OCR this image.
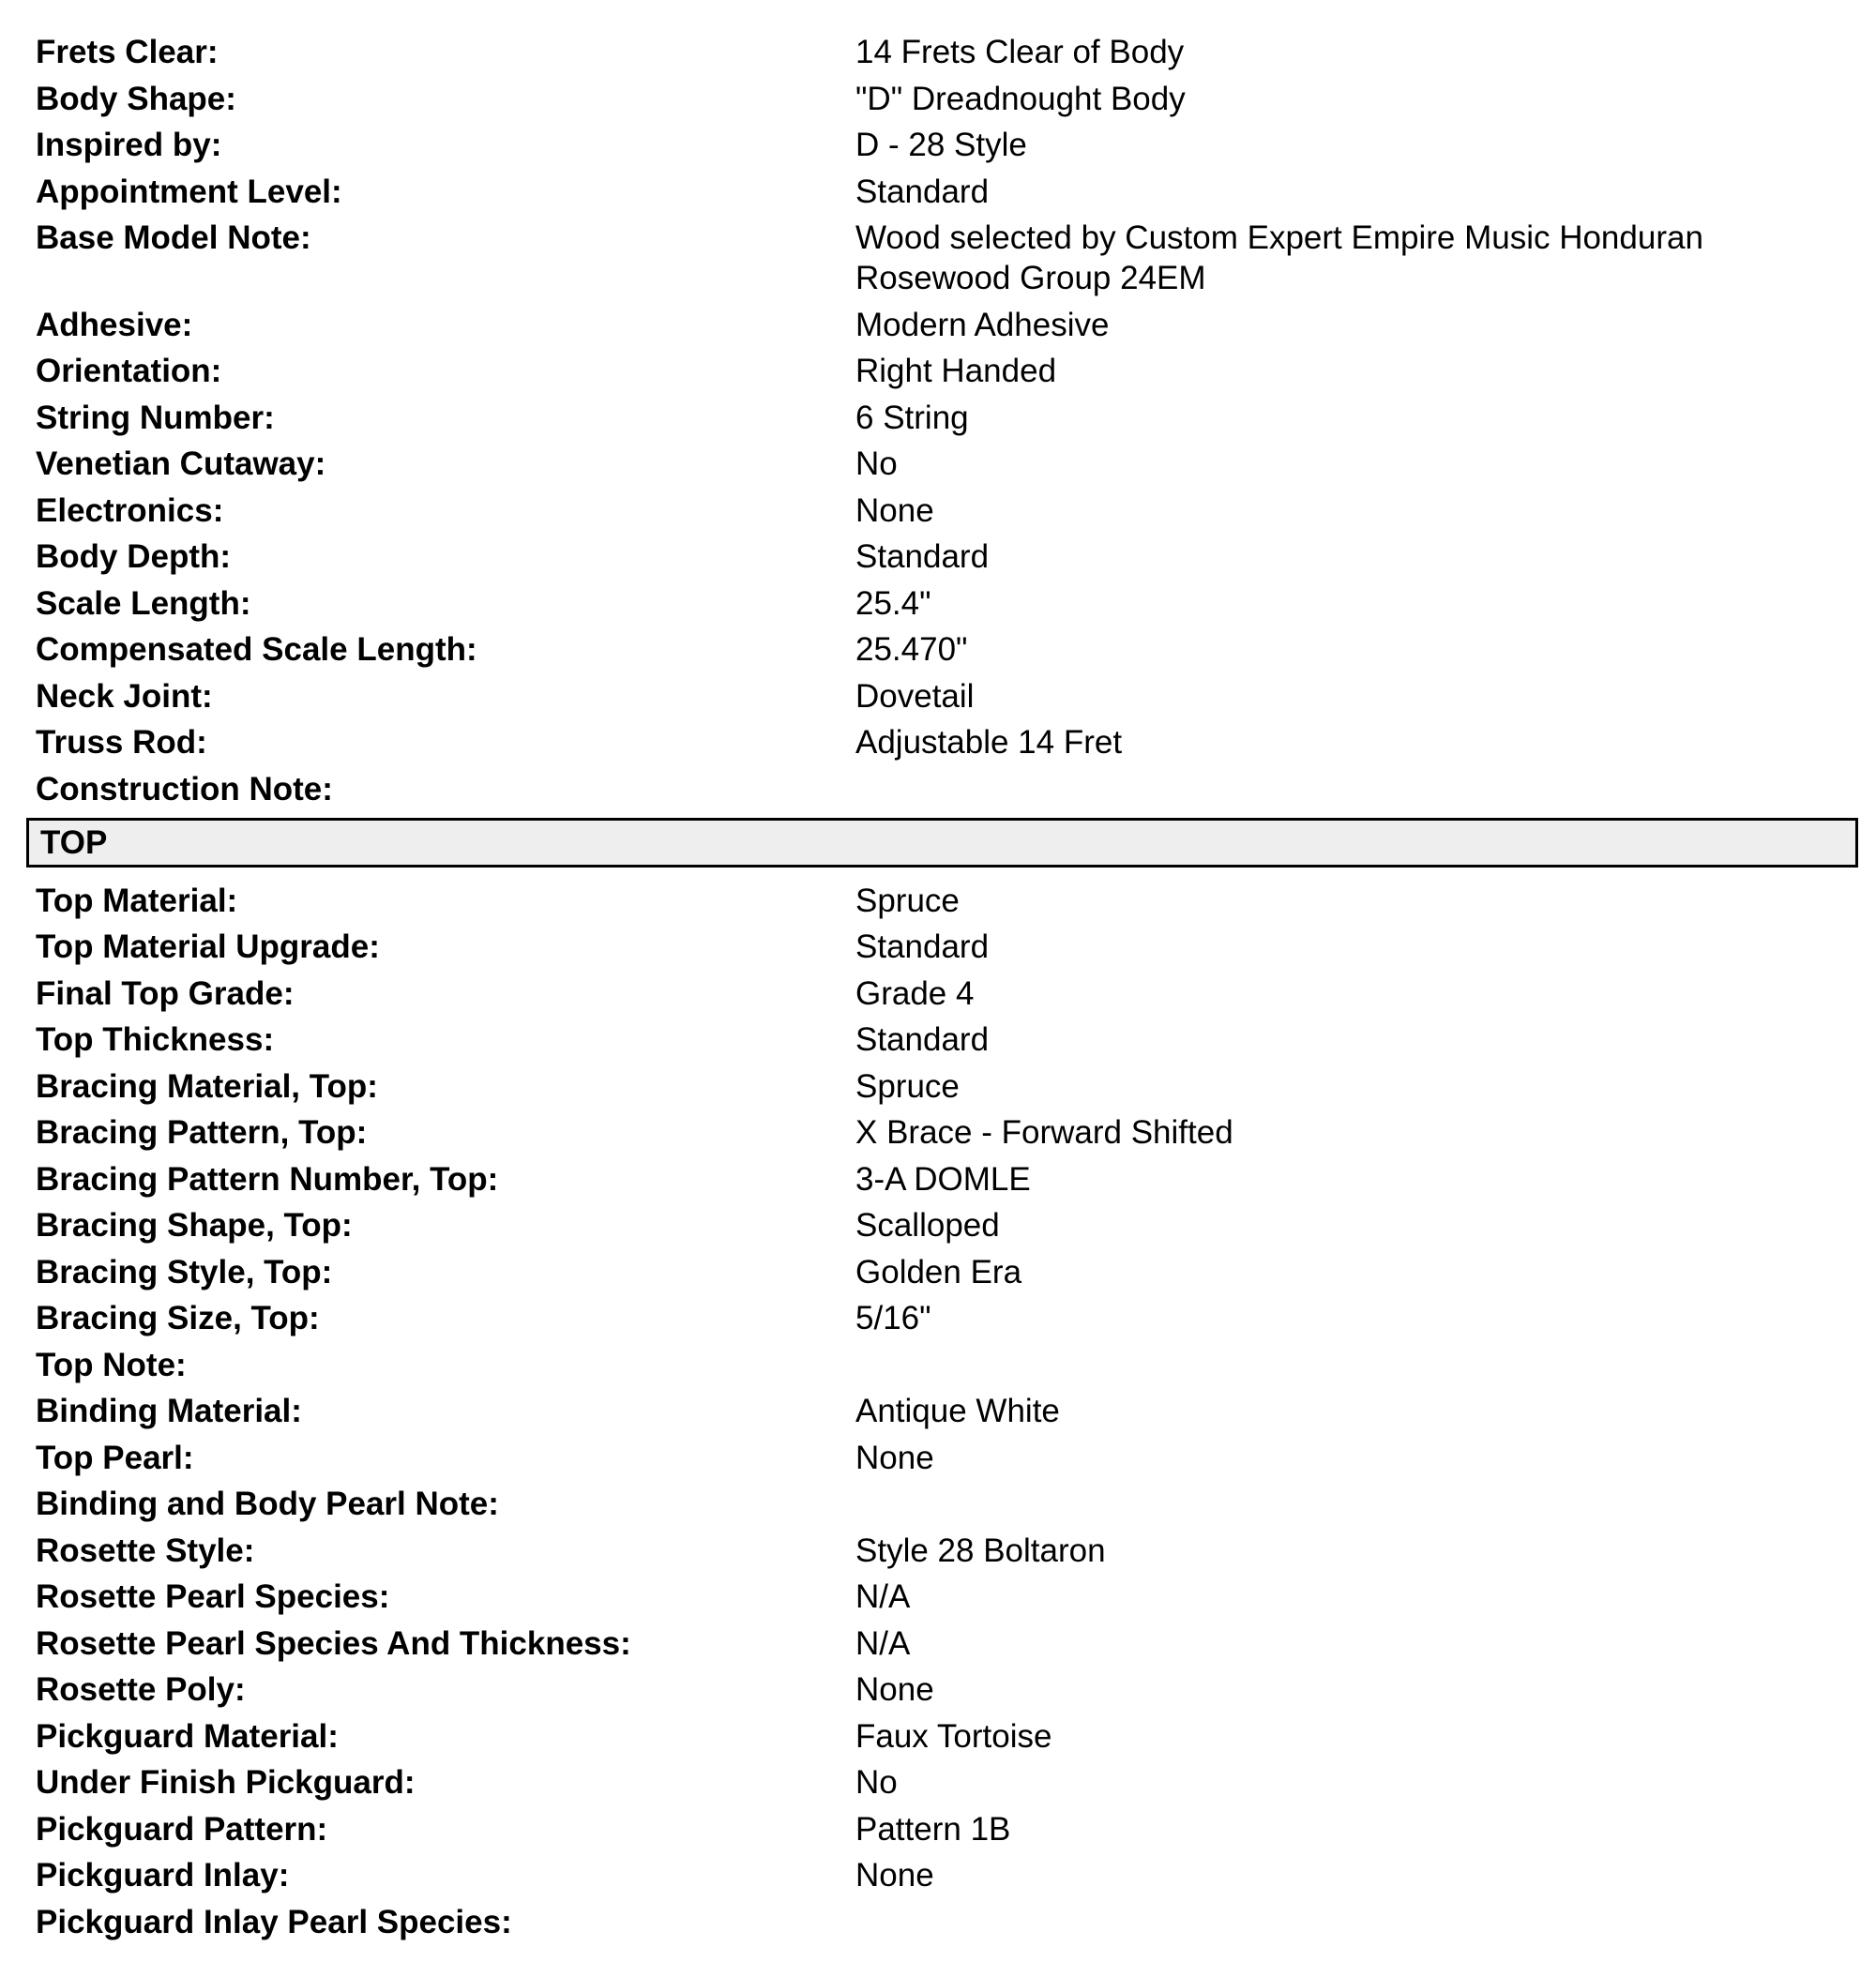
Frets Clear:	14 Frets Clear of Body
Body Shape:	"D" Dreadnought Body
Inspired by:	D - 28 Style
Appointment Level:	Standard
Base Model Note:	Wood selected by Custom Expert Empire Music Honduran Rosewood Group 24EM
Adhesive:	Modern Adhesive
Orientation:	Right Handed
String Number:	6 String
Venetian Cutaway:	No
Electronics:	None
Body Depth:	Standard
Scale Length:	25.4"
Compensated Scale Length:	25.470"
Neck Joint:	Dovetail
Truss Rod:	Adjustable 14 Fret
Construction Note:
TOP
Top Material:	Spruce
Top Material Upgrade:	Standard
Final Top Grade:	Grade 4
Top Thickness:	Standard
Bracing Material, Top:	Spruce
Bracing Pattern, Top:	X Brace - Forward Shifted
Bracing Pattern Number, Top:	3-A DOMLE
Bracing Shape, Top:	Scalloped
Bracing Style, Top:	Golden Era
Bracing Size, Top:	5/16"
Top Note:
Binding Material:	Antique White
Top Pearl:	None
Binding and Body Pearl Note:
Rosette Style:	Style 28 Boltaron
Rosette Pearl Species:	N/A
Rosette Pearl Species And Thickness:	N/A
Rosette Poly:	None
Pickguard Material:	Faux Tortoise
Under Finish Pickguard:	No
Pickguard Pattern:	Pattern 1B
Pickguard Inlay:	None
Pickguard Inlay Pearl Species:
